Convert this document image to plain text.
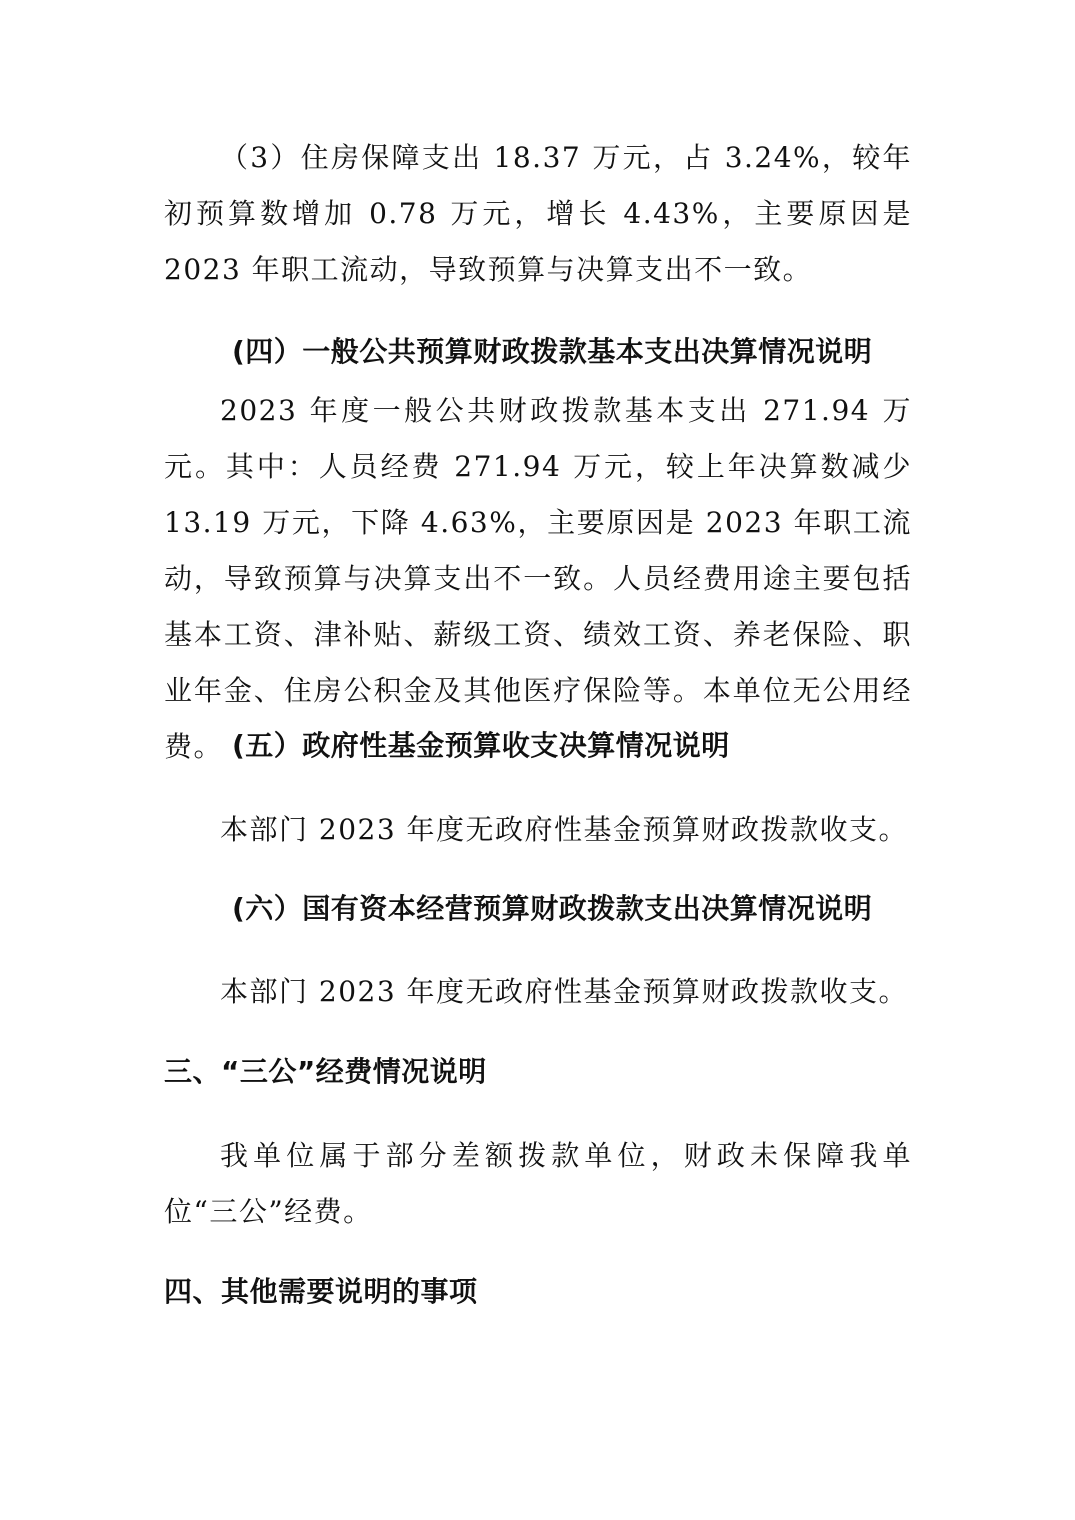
（3）住房保障支出 18.37 万元，占 3.24%，较年初预算数增加 0.78 万元，增长 4.43%，主要原因是 2023 年职工流动，导致预算与决算支出不一致。

(四）一般公共预算财政拨款基本支出决算情况说明

2023 年度一般公共财政拨款基本支出 271.94 万元。其中：人员经费 271.94 万元，较上年决算数减少 13.19 万元，下降 4.63%，主要原因是 2023 年职工流动，导致预算与决算支出不一致。人员经费用途主要包括基本工资、津补贴、薪级工资、绩效工资、养老保险、职业年金、住房公积金及其他医疗保险等。本单位无公用经费。 (五）政府性基金预算收支决算情况说明

本部门 2023 年度无政府性基金预算财政拨款收支。

(六）国有资本经营预算财政拨款支出决算情况说明

本部门 2023 年度无政府性基金预算财政拨款收支。

三、“三公”经费情况说明

我单位属于部分差额拨款单位，财政未保障我单位“三公”经费。

四、其他需要说明的事项
